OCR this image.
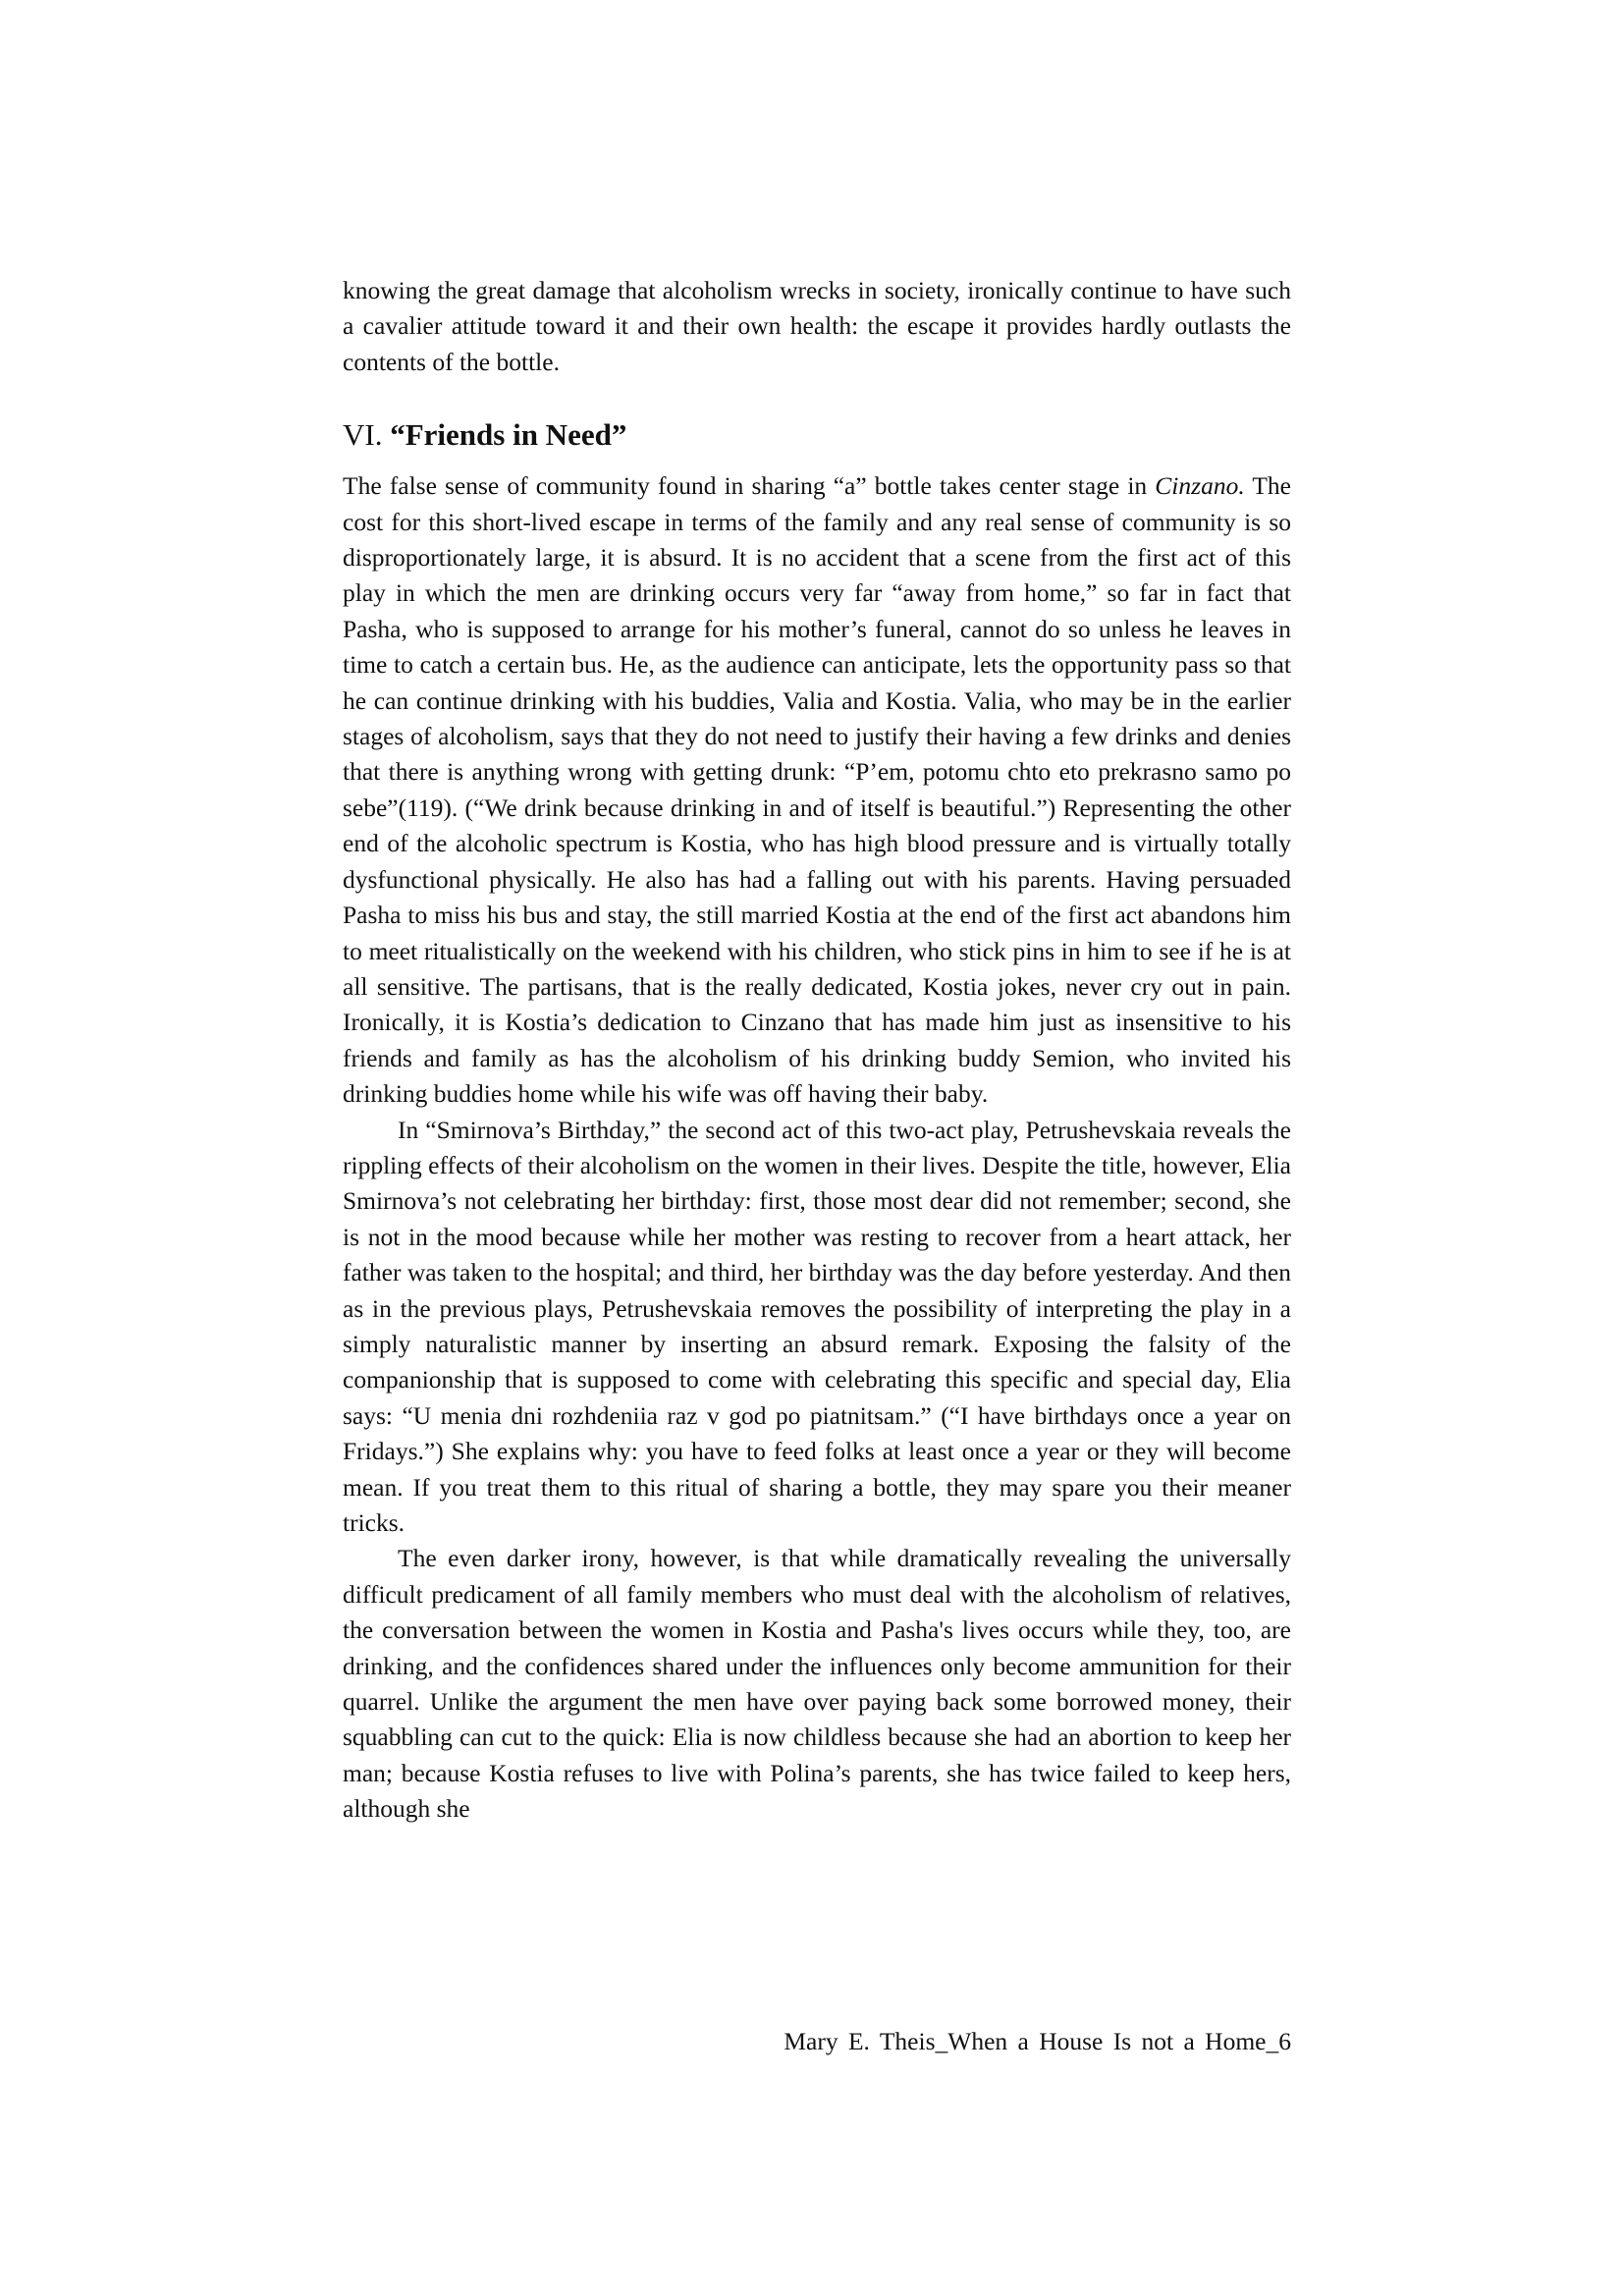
knowing the great damage that alcoholism wrecks in society, ironically continue to have such a cavalier attitude toward it and their own health: the escape it provides hardly outlasts the contents of the bottle.

VI. “Friends in Need”

The false sense of community found in sharing “a” bottle takes center stage in Cinzano. The cost for this short-lived escape in terms of the family and any real sense of community is so disproportionately large, it is absurd. It is no accident that a scene from the first act of this play in which the men are drinking occurs very far “away from home,” so far in fact that Pasha, who is supposed to arrange for his mother’s funeral, cannot do so unless he leaves in time to catch a certain bus. He, as the audience can anticipate, lets the opportunity pass so that he can continue drinking with his buddies, Valia and Kostia. Valia, who may be in the earlier stages of alcoholism, says that they do not need to justify their having a few drinks and denies that there is anything wrong with getting drunk: “P’em, potomu chto eto prekrasno samo po sebe”(119). (“We drink because drinking in and of itself is beautiful.”) Representing the other end of the alcoholic spectrum is Kostia, who has high blood pressure and is virtually totally dysfunctional physically. He also has had a falling out with his parents. Having persuaded Pasha to miss his bus and stay, the still married Kostia at the end of the first act abandons him to meet ritualistically on the weekend with his children, who stick pins in him to see if he is at all sensitive. The partisans, that is the really dedicated, Kostia jokes, never cry out in pain. Ironically, it is Kostia’s dedication to Cinzano that has made him just as insensitive to his friends and family as has the alcoholism of his drinking buddy Semion, who invited his drinking buddies home while his wife was off having their baby.

In “Smirnova’s Birthday,” the second act of this two-act play, Petrushevskaia reveals the rippling effects of their alcoholism on the women in their lives. Despite the title, however, Elia Smirnova’s not celebrating her birthday: first, those most dear did not remember; second, she is not in the mood because while her mother was resting to recover from a heart attack, her father was taken to the hospital; and third, her birthday was the day before yesterday. And then as in the previous plays, Petrushevskaia removes the possibility of interpreting the play in a simply naturalistic manner by inserting an absurd remark. Exposing the falsity of the companionship that is supposed to come with celebrating this specific and special day, Elia says: “U menia dni rozhdeniia raz v god po piatnitsam.” (“I have birthdays once a year on Fridays.”) She explains why: you have to feed folks at least once a year or they will become mean. If you treat them to this ritual of sharing a bottle, they may spare you their meaner tricks.

The even darker irony, however, is that while dramatically revealing the universally difficult predicament of all family members who must deal with the alcoholism of relatives, the conversation between the women in Kostia and Pasha's lives occurs while they, too, are drinking, and the confidences shared under the influences only become ammunition for their quarrel. Unlike the argument the men have over paying back some borrowed money, their squabbling can cut to the quick: Elia is now childless because she had an abortion to keep her man; because Kostia refuses to live with Polina’s parents, she has twice failed to keep hers, although she

Mary E. Theis_When a House Is not a Home_6
